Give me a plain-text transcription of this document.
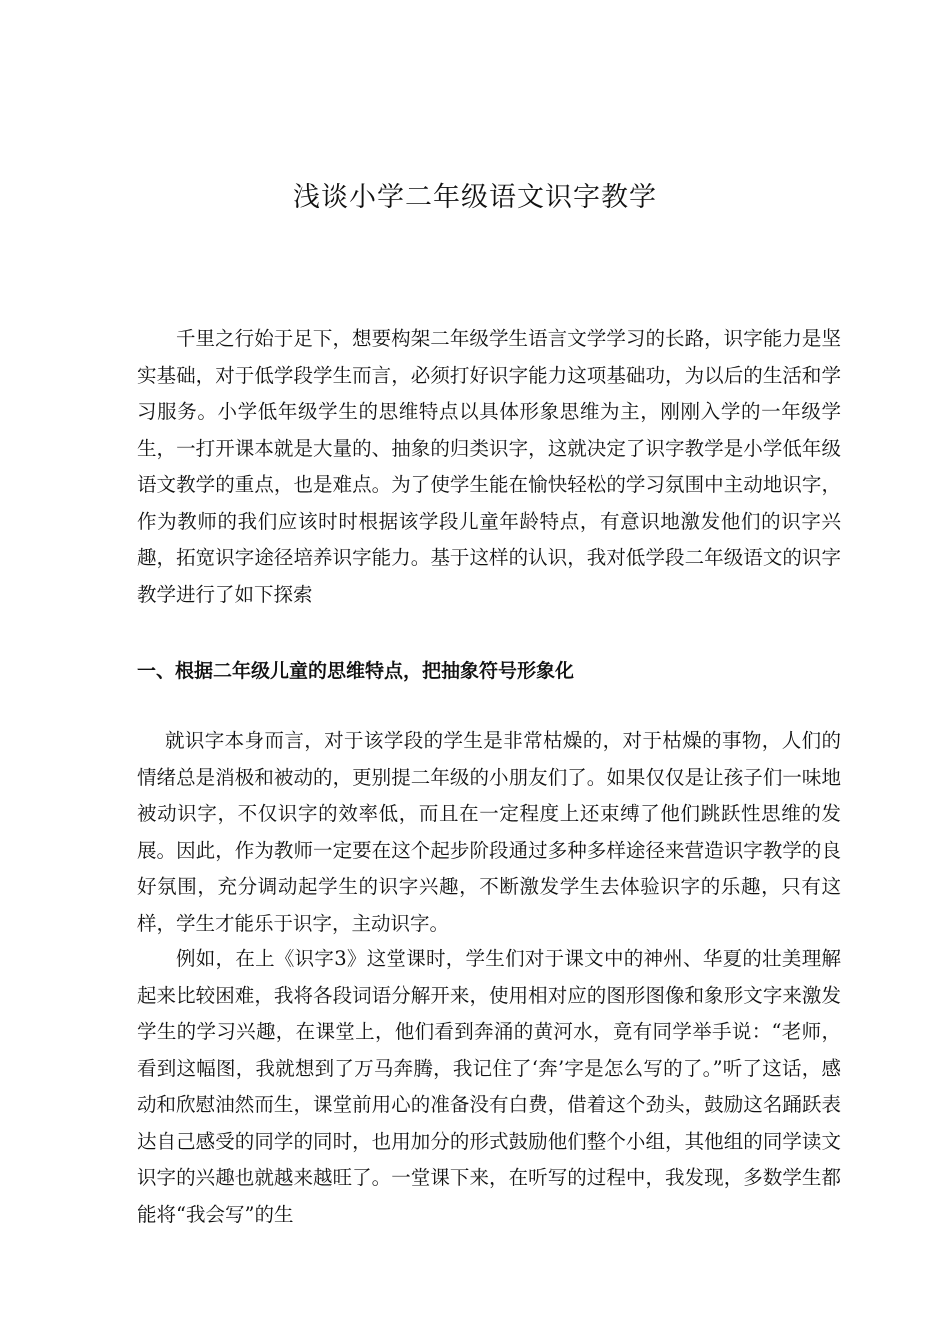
浅谈小学二年级语文识字教学

千里之行始于足下，想要构架二年级学生语言文学学习的长路，识字能力是坚实基础，对于低学段学生而言，必须打好识字能力这项基础功，为以后的生活和学习服务。小学低年级学生的思维特点以具体形象思维为主，刚刚入学的一年级学生，一打开课本就是大量的、抽象的归类识字，这就决定了识字教学是小学低年级语文教学的重点，也是难点。为了使学生能在愉快轻松的学习氛围中主动地识字，作为教师的我们应该时时根据该学段儿童年龄特点，有意识地激发他们的识字兴趣，拓宽识字途径培养识字能力。基于这样的认识，我对低学段二年级语文的识字教学进行了如下探索

一、根据二年级儿童的思维特点，把抽象符号形象化

就识字本身而言，对于该学段的学生是非常枯燥的，对于枯燥的事物，人们的情绪总是消极和被动的，更别提二年级的小朋友们了。如果仅仅是让孩子们一味地被动识字，不仅识字的效率低，而且在一定程度上还束缚了他们跳跃性思维的发展。因此，作为教师一定要在这个起步阶段通过多种多样途径来营造识字教学的良好氛围，充分调动起学生的识字兴趣，不断激发学生去体验识字的乐趣，只有这样，学生才能乐于识字，主动识字。

例如，在上《识字3》这堂课时，学生们对于课文中的神州、华夏的壮美理解起来比较困难，我将各段词语分解开来，使用相对应的图形图像和象形文字来激发学生的学习兴趣，在课堂上，他们看到奔涌的黄河水，竟有同学举手说：“老师，看到这幅图，我就想到了万马奔腾，我记住了‘奔’字是怎么写的了。”听了这话，感动和欣慰油然而生，课堂前用心的准备没有白费，借着这个劲头，鼓励这名踊跃表达自己感受的同学的同时，也用加分的形式鼓励他们整个小组，其他组的同学读文识字的兴趣也就越来越旺了。一堂课下来，在听写的过程中，我发现，多数学生都能将“我会写”的生
